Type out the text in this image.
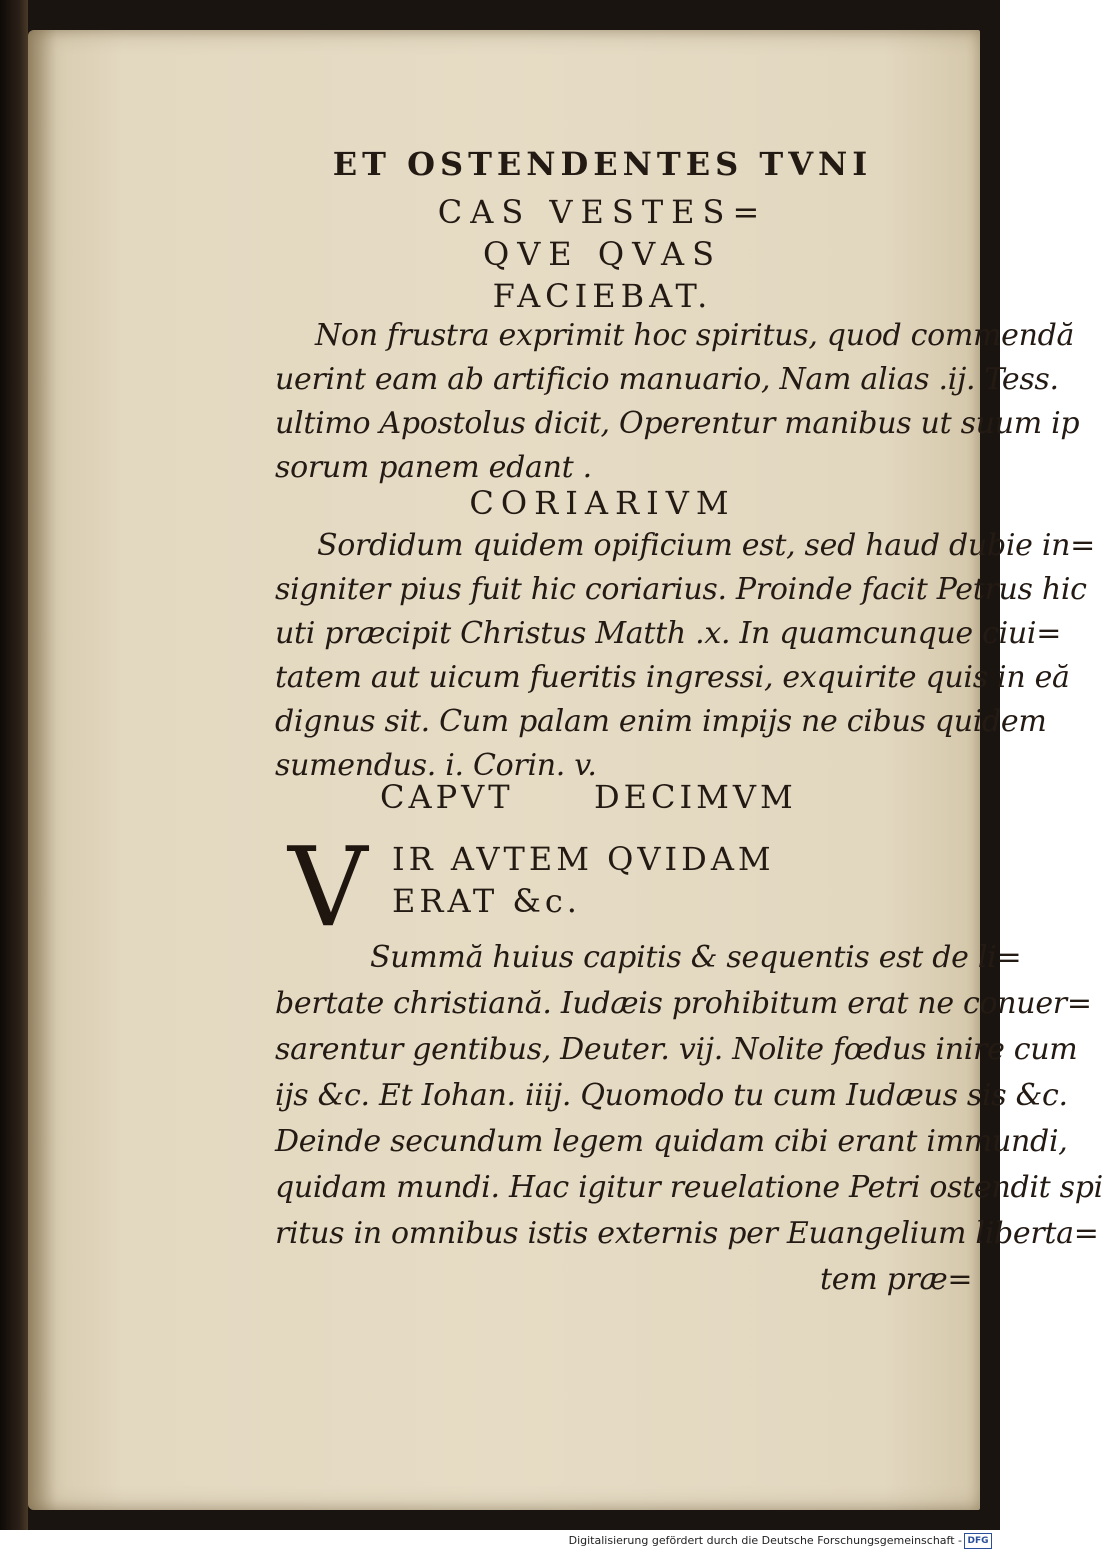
ET OSTENDENTES TVNI
CAS VESTES=
QVE QVAS
FACIEBAT.
Non frustra exprimit hoc spiritus, quod commendă
uerint eam ab artificio manuario, Nam alias .ij. Tess.
ultimo Apostolus dicit, Operentur manibus ut suum ip
sorum panem edant .
CORIARIVM
Sordidum quidem opificium est, sed haud dubie in=
signiter pius fuit hic coriarius. Proinde facit Petrus hic
uti præcipit Christus Matth .x. In quamcunque ciui=
tatem aut uicum fueritis ingressi, exquirite quis in eă
dignus sit. Cum palam enim impijs ne cibus quidem
sumendus. i. Corin. v.
CAPVT	DECIMVM
V IR AVTEM QVIDAM
ERAT &c.
Summă huius capitis & sequentis est de li=
bertate christiană. Iudæis prohibitum erat ne conuer=
sarentur gentibus, Deuter. vij. Nolite fœdus inire cum
ijs &c. Et Iohan. iiij. Quomodo tu cum Iudæus sis &c.
Deinde secundum legem quidam cibi erant immundi,
quidam mundi. Hac igitur reuelatione Petri ostendit spi
ritus in omnibus istis externis per Euangelium liberta=
tem præ=
Digitalisierung gefördert durch die Deutsche Forschungsgemeinschaft - DFG
